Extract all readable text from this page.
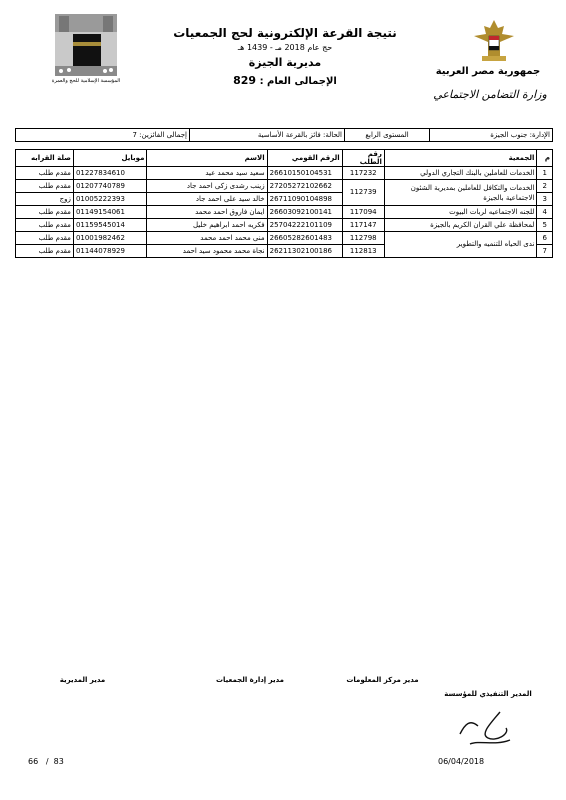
المؤسسة الإسلامية للحج والعمرة
جمهورية مصر العربية
وزارة التضامن الاجتماعي
نتيجة القرعة الإلكترونية لحج الجمعيات
حج عام 2018 مـ - 1439 هـ
مديرية الجيزة
الإجمالى العام : 829
الإدارة: جنوب الجيزة	المستوى الرابع	الحالة: فائز بالقرعة الأساسية	إجمالى الفائزين: 7
م	الجمعية	رقم الطلب	الرقم القومي	الاسم	موبايل	صلة القرابه
1	الخدمات للعاملين بالبنك التجاري الدولي	117232	26610150104531	سعيد سيد محمد عيد	01227834610	مقدم طلب
2	الخدمات والتكافل للعاملين بمديرية الشئون الاجتماعية بالجيزة	112739	27205272102662	زينب رشدى زكى احمد جاد	01207740789	مقدم طلب
3			26711090104898	خالد سيد على احمد جاد	01005222393	زوج
4	للجنه الاجتماعيه لربات البيوت	117094	26603092100141	ايمان فاروق احمد محمد	01149154061	مقدم طلب
5	لمحافظة علي القران الكريم بالجيزة	117147	25704222101109	فكريه احمد ابراهيم خليل	01159545014	مقدم طلب
6	ندى الحياه للتنميه والتطوير	112798	26605282601483	منى محمد احمد محمد	01001982462	مقدم طلب
7		112813	26211302100186	نجاة محمد محمود سيد احمد	01144078929	مقدم طلب
مدير مركز المعلومات
مدير إدارة الجمعيات
مدير المديرية
المدير التنفيذي للمؤسسة
06/04/2018
66   /  83
